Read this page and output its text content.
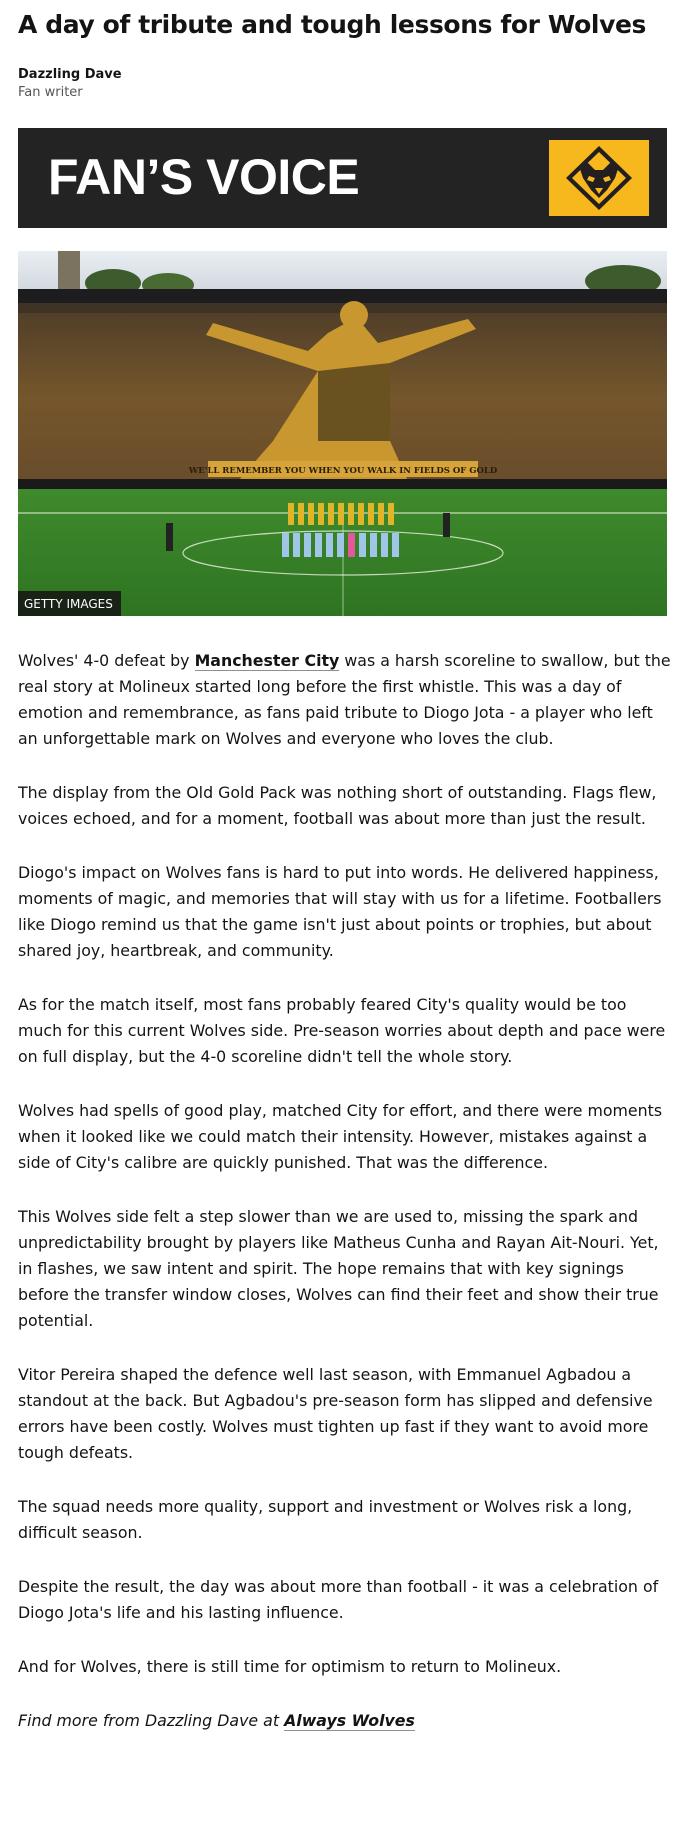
A day of tribute and tough lessons for Wolves
Dazzling Dave
Fan writer
FAN’S VOICE
WE'LL REMEMBER YOU WHEN YOU WALK IN FIELDS OF GOLD
GETTY IMAGES

Wolves' 4-0 defeat by Manchester City was a harsh scoreline to swallow, but the real story at Molineux started long before the first whistle. This was a day of emotion and remembrance, as fans paid tribute to Diogo Jota - a player who left an unforgettable mark on Wolves and everyone who loves the club.

The display from the Old Gold Pack was nothing short of outstanding. Flags flew, voices echoed, and for a moment, football was about more than just the result.

Diogo's impact on Wolves fans is hard to put into words. He delivered happiness, moments of magic, and memories that will stay with us for a lifetime. Footballers like Diogo remind us that the game isn't just about points or trophies, but about shared joy, heartbreak, and community.

As for the match itself, most fans probably feared City's quality would be too much for this current Wolves side. Pre-season worries about depth and pace were on full display, but the 4-0 scoreline didn't tell the whole story.

Wolves had spells of good play, matched City for effort, and there were moments when it looked like we could match their intensity. However, mistakes against a side of City's calibre are quickly punished. That was the difference.

This Wolves side felt a step slower than we are used to, missing the spark and unpredictability brought by players like Matheus Cunha and Rayan Ait-Nouri. Yet, in flashes, we saw intent and spirit. The hope remains that with key signings before the transfer window closes, Wolves can find their feet and show their true potential.

Vitor Pereira shaped the defence well last season, with Emmanuel Agbadou a standout at the back. But Agbadou's pre-season form has slipped and defensive errors have been costly. Wolves must tighten up fast if they want to avoid more tough defeats.

The squad needs more quality, support and investment or Wolves risk a long, difficult season.

Despite the result, the day was about more than football - it was a celebration of Diogo Jota's life and his lasting influence.

And for Wolves, there is still time for optimism to return to Molineux.

Find more from Dazzling Dave at Always Wolves
